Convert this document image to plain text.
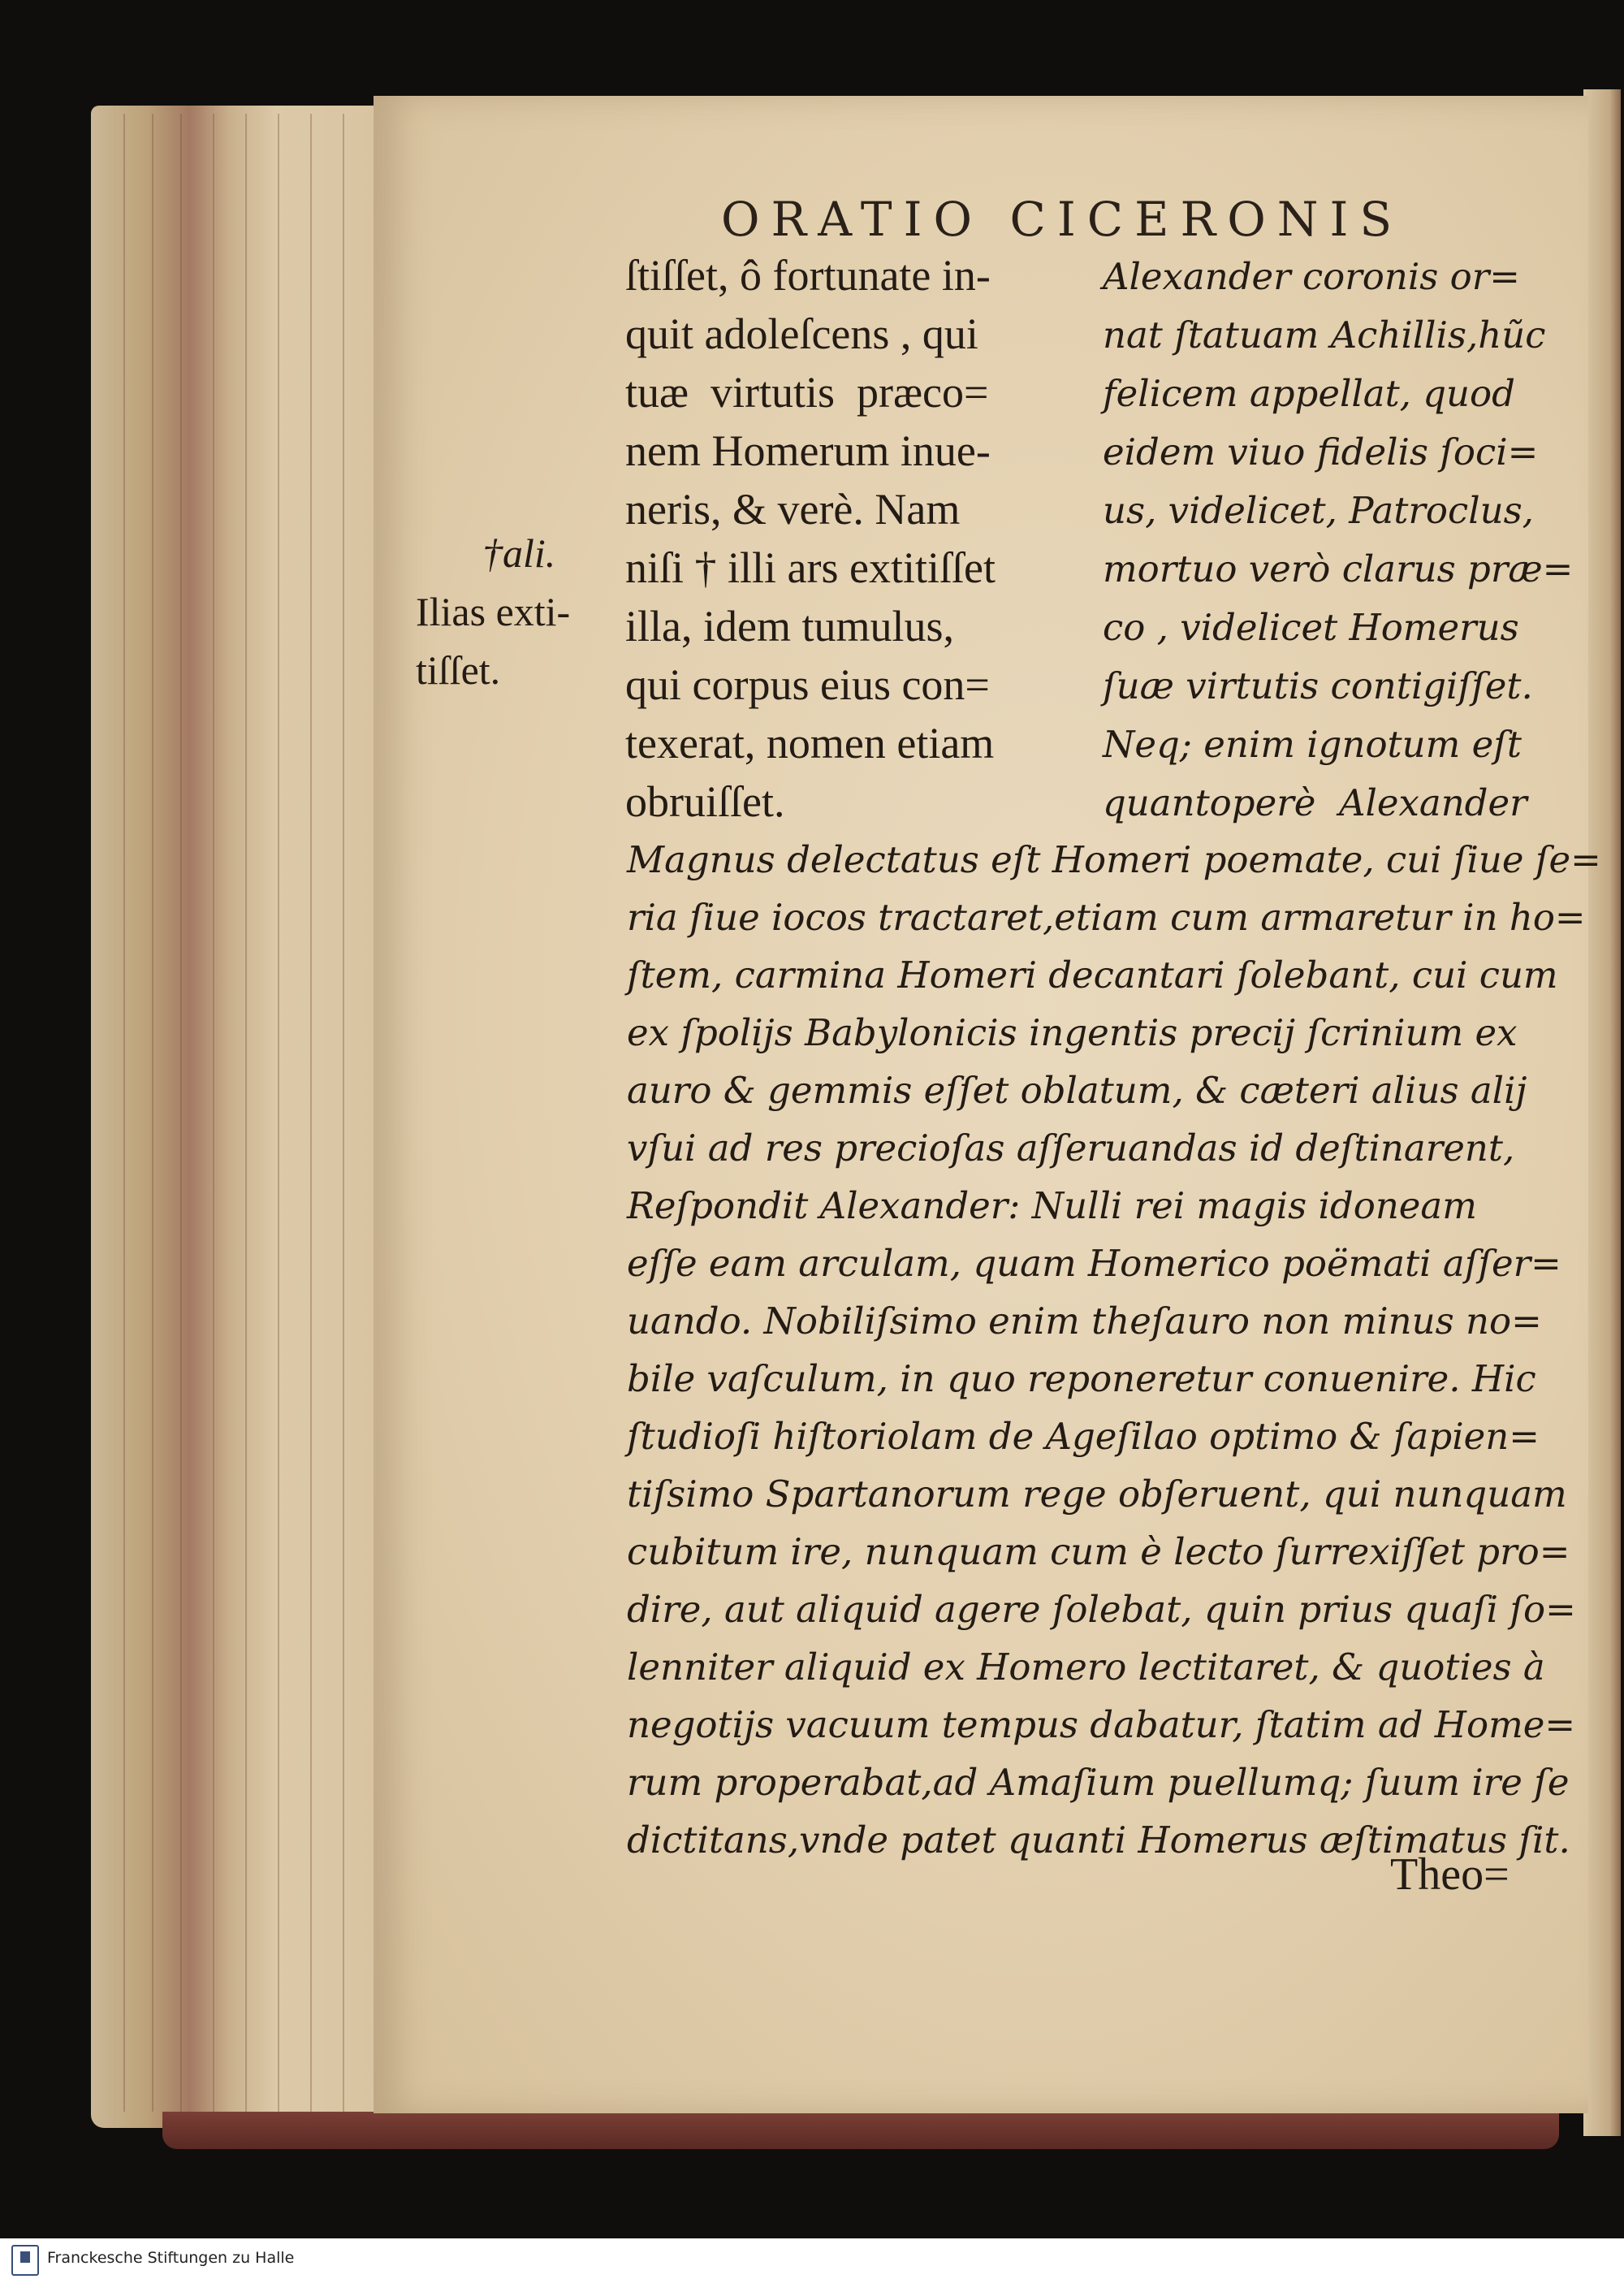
ORATIO CICERONIS
ſtiſſet, ô fortunate in-
quit adoleſcens , qui
tuæ  virtutis  præco=
nem Homerum inue-
neris, & verè. Nam
niſi † illi ars extitiſſet
illa, idem tumulus,
qui corpus eius con=
texerat, nomen etiam
obruiſſet.
Alexander coronis or=
nat ſtatuam Achillis,hũc
felicem appellat, quod
eidem viuo fidelis ſoci=
us, videlicet, Patroclus,
mortuo verò clarus præ=
co , videlicet Homerus
ſuæ virtutis contigiſſet.
Neq; enim ignotum eſt
quantoperè  Alexander
Magnus delectatus eſt Homeri poemate, cui ſiue ſe=
ria ſiue iocos tractaret,etiam cum armaretur in ho=
ſtem, carmina Homeri decantari ſolebant, cui cum
ex ſpolijs Babylonicis ingentis precij ſcrinium ex
auro & gemmis eſſet oblatum, & cæteri alius alij
vſui ad res precioſas aſſeruandas id deſtinarent,
Reſpondit Alexander: Nulli rei magis idoneam
eſſe eam arculam, quam Homerico poëmati aſſer=
uando. Nobiliſsimo enim theſauro non minus no=
bile vaſculum, in quo reponeretur conuenire. Hic
ſtudioſi hiſtoriolam de Ageſilao optimo & ſapien=
tiſsimo Spartanorum rege obſeruent, qui nunquam
cubitum ire, nunquam cum è lecto ſurrexiſſet pro=
dire, aut aliquid agere ſolebat, quin prius quaſi ſo=
lenniter aliquid ex Homero lectitaret, & quoties à
negotijs vacuum tempus dabatur, ſtatim ad Home=
rum properabat,ad Amaſium puellumq; ſuum ire ſe
dictitans,vnde patet quanti Homerus æſtimatus ſit.
Theo=
†ali.
Ilias exti-
tiſſet.
Franckesche Stiftungen zu Halle
